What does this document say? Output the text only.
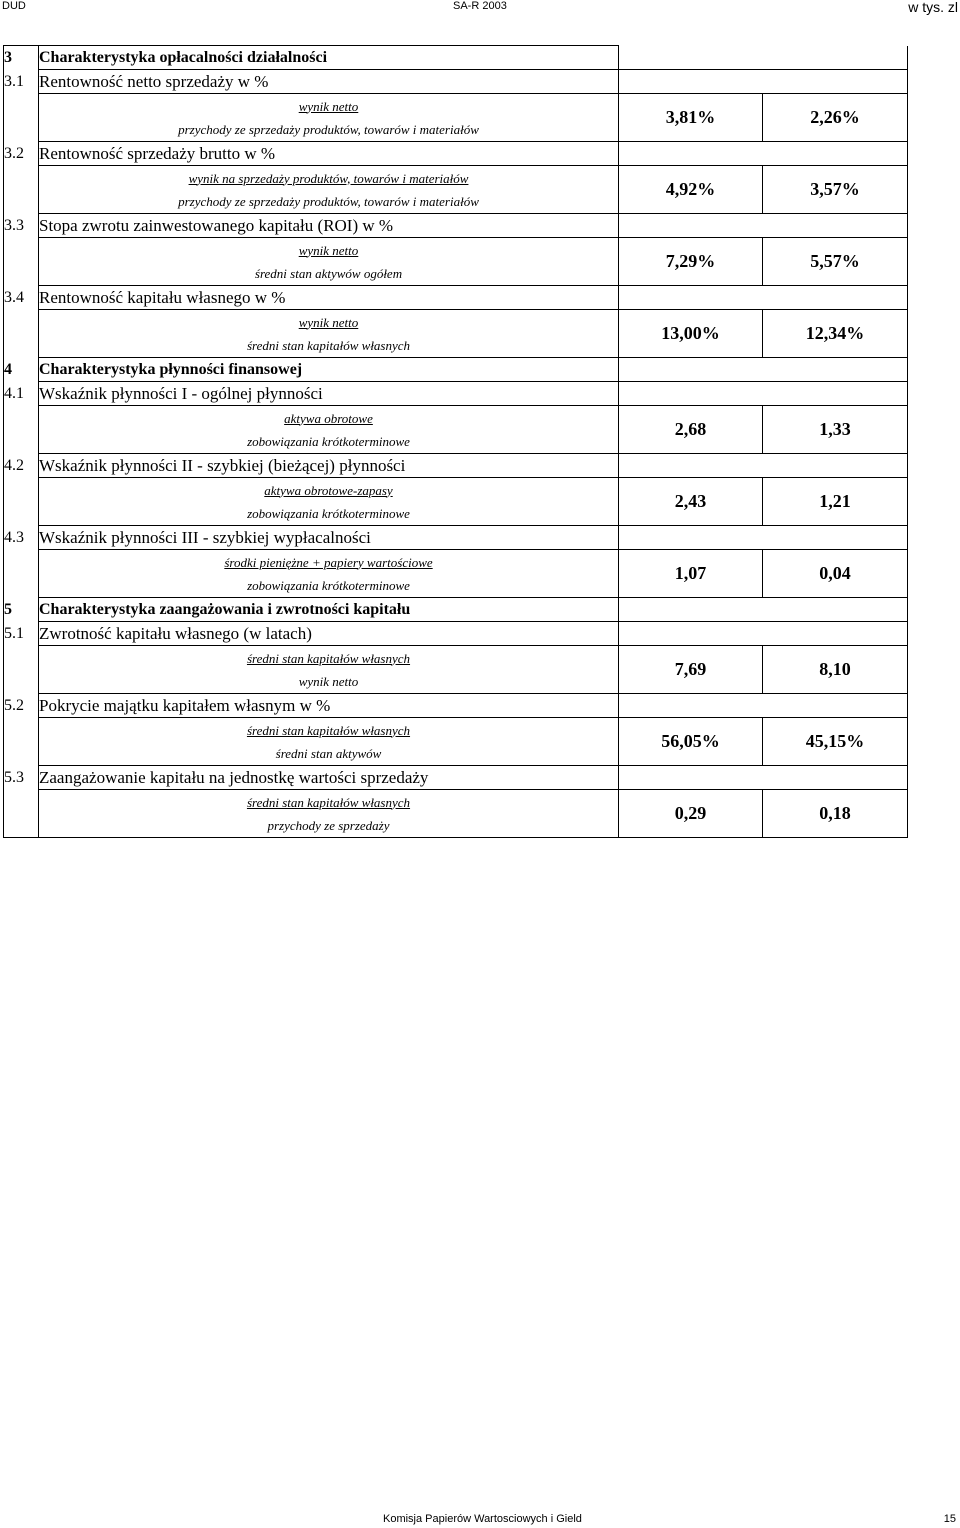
DUD	SA-R 2003	w tys. zl
3	Charakterystyka opłacalności działalności		
3.1	Rentowność netto sprzedaży w %		

	wynik netto
przychody ze sprzedaży produktów, towarów i materiałów	3,81%	2,26%
3.2	Rentowność sprzedaży brutto w %		

	wynik na sprzedaży produktów, towarów i materiałów
przychody ze sprzedaży produktów, towarów i materiałów	4,92%	3,57%
3.3	Stopa zwrotu zainwestowanego kapitału (ROI) w %		

	wynik netto
średni stan aktywów ogółem	7,29%	5,57%
3.4	Rentowność kapitału własnego w %		

	wynik netto
średni stan kapitałów własnych	13,00%	12,34%
4	Charakterystyka płynności finansowej		
4.1	Wskaźnik płynności I - ogólnej płynności		

	aktywa obrotowe
zobowiązania krótkoterminowe	2,68	1,33
4.2	Wskaźnik płynności II - szybkiej (bieżącej) płynności		

	aktywa obrotowe-zapasy
zobowiązania krótkoterminowe	2,43	1,21
4.3	Wskaźnik płynności III - szybkiej wypłacalności		

	środki pieniężne + papiery wartościowe
zobowiązania krótkoterminowe	1,07	0,04
5	Charakterystyka zaangażowania i zwrotności kapitału		
5.1	Zwrotność kapitału własnego (w latach)		

	średni stan kapitałów własnych
wynik netto	7,69	8,10
5.2	Pokrycie majątku kapitałem własnym w %		

	średni stan kapitałów własnych
średni stan aktywów	56,05%	45,15%
5.3	Zaangażowanie kapitału na jednostkę wartości sprzedaży		

	średni stan kapitałów własnych
przychody ze sprzedaży	0,29	0,18
Komisja Papierów Wartosciowych i Gield	15
